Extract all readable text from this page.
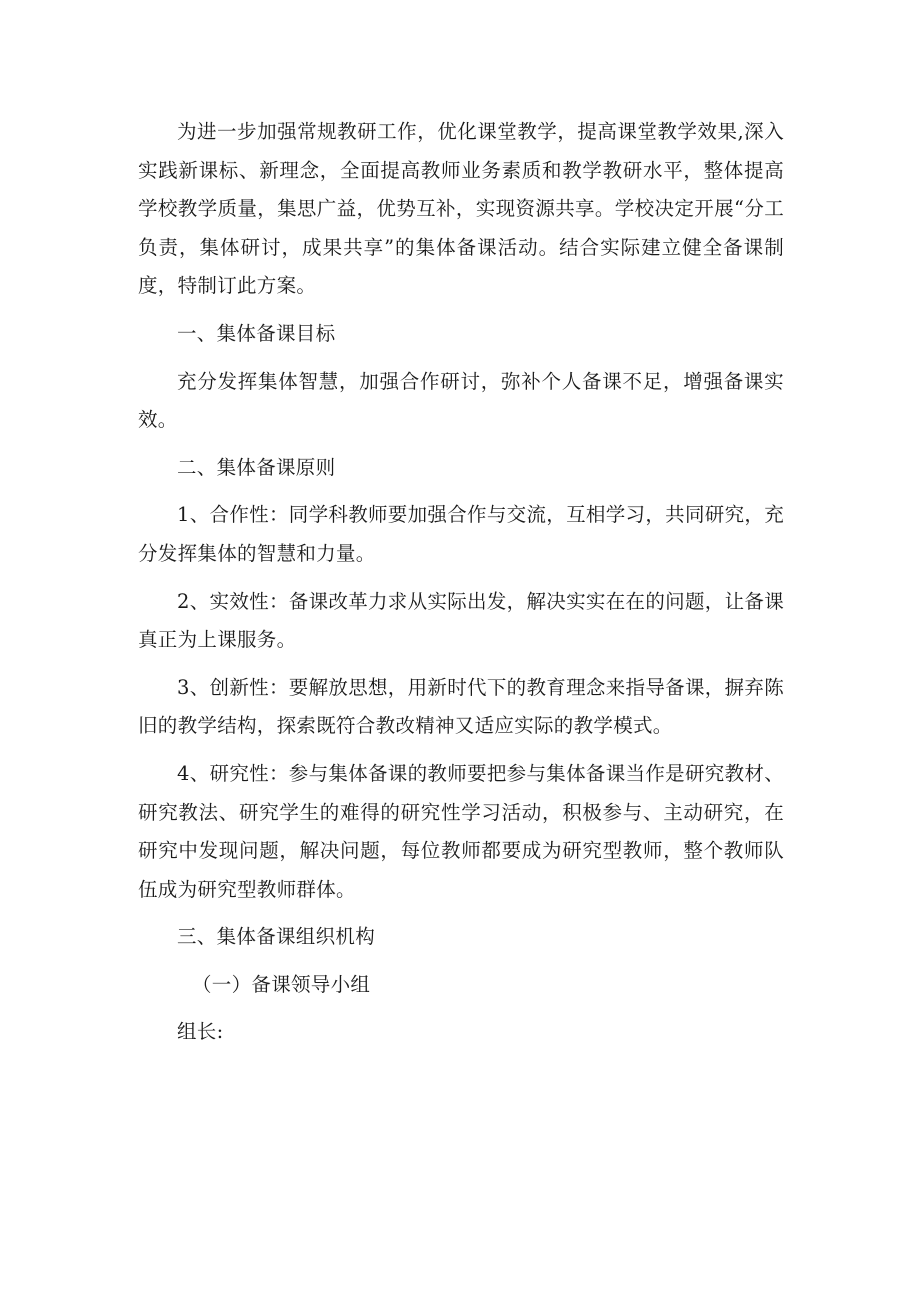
为进一步加强常规教研工作，优化课堂教学，提高课堂教学效果,深入实践新课标、新理念，全面提高教师业务素质和教学教研水平，整体提高学校教学质量，集思广益，优势互补，实现资源共享。学校决定开展“分工负责，集体研讨，成果共享”的集体备课活动。结合实际建立健全备课制度，特制订此方案。

一、集体备课目标

充分发挥集体智慧，加强合作研讨，弥补个人备课不足，增强备课实效。

二、集体备课原则

1、合作性：同学科教师要加强合作与交流，互相学习，共同研究，充分发挥集体的智慧和力量。

2、实效性：备课改革力求从实际出发，解决实实在在的问题，让备课真正为上课服务。

3、创新性：要解放思想，用新时代下的教育理念来指导备课，摒弃陈旧的教学结构，探索既符合教改精神又适应实际的教学模式。

4、研究性：参与集体备课的教师要把参与集体备课当作是研究教材、研究教法、研究学生的难得的研究性学习活动，积极参与、主动研究，在研究中发现问题，解决问题，每位教师都要成为研究型教师，整个教师队伍成为研究型教师群体。

三、集体备课组织机构

（一）备课领导小组

组长:
